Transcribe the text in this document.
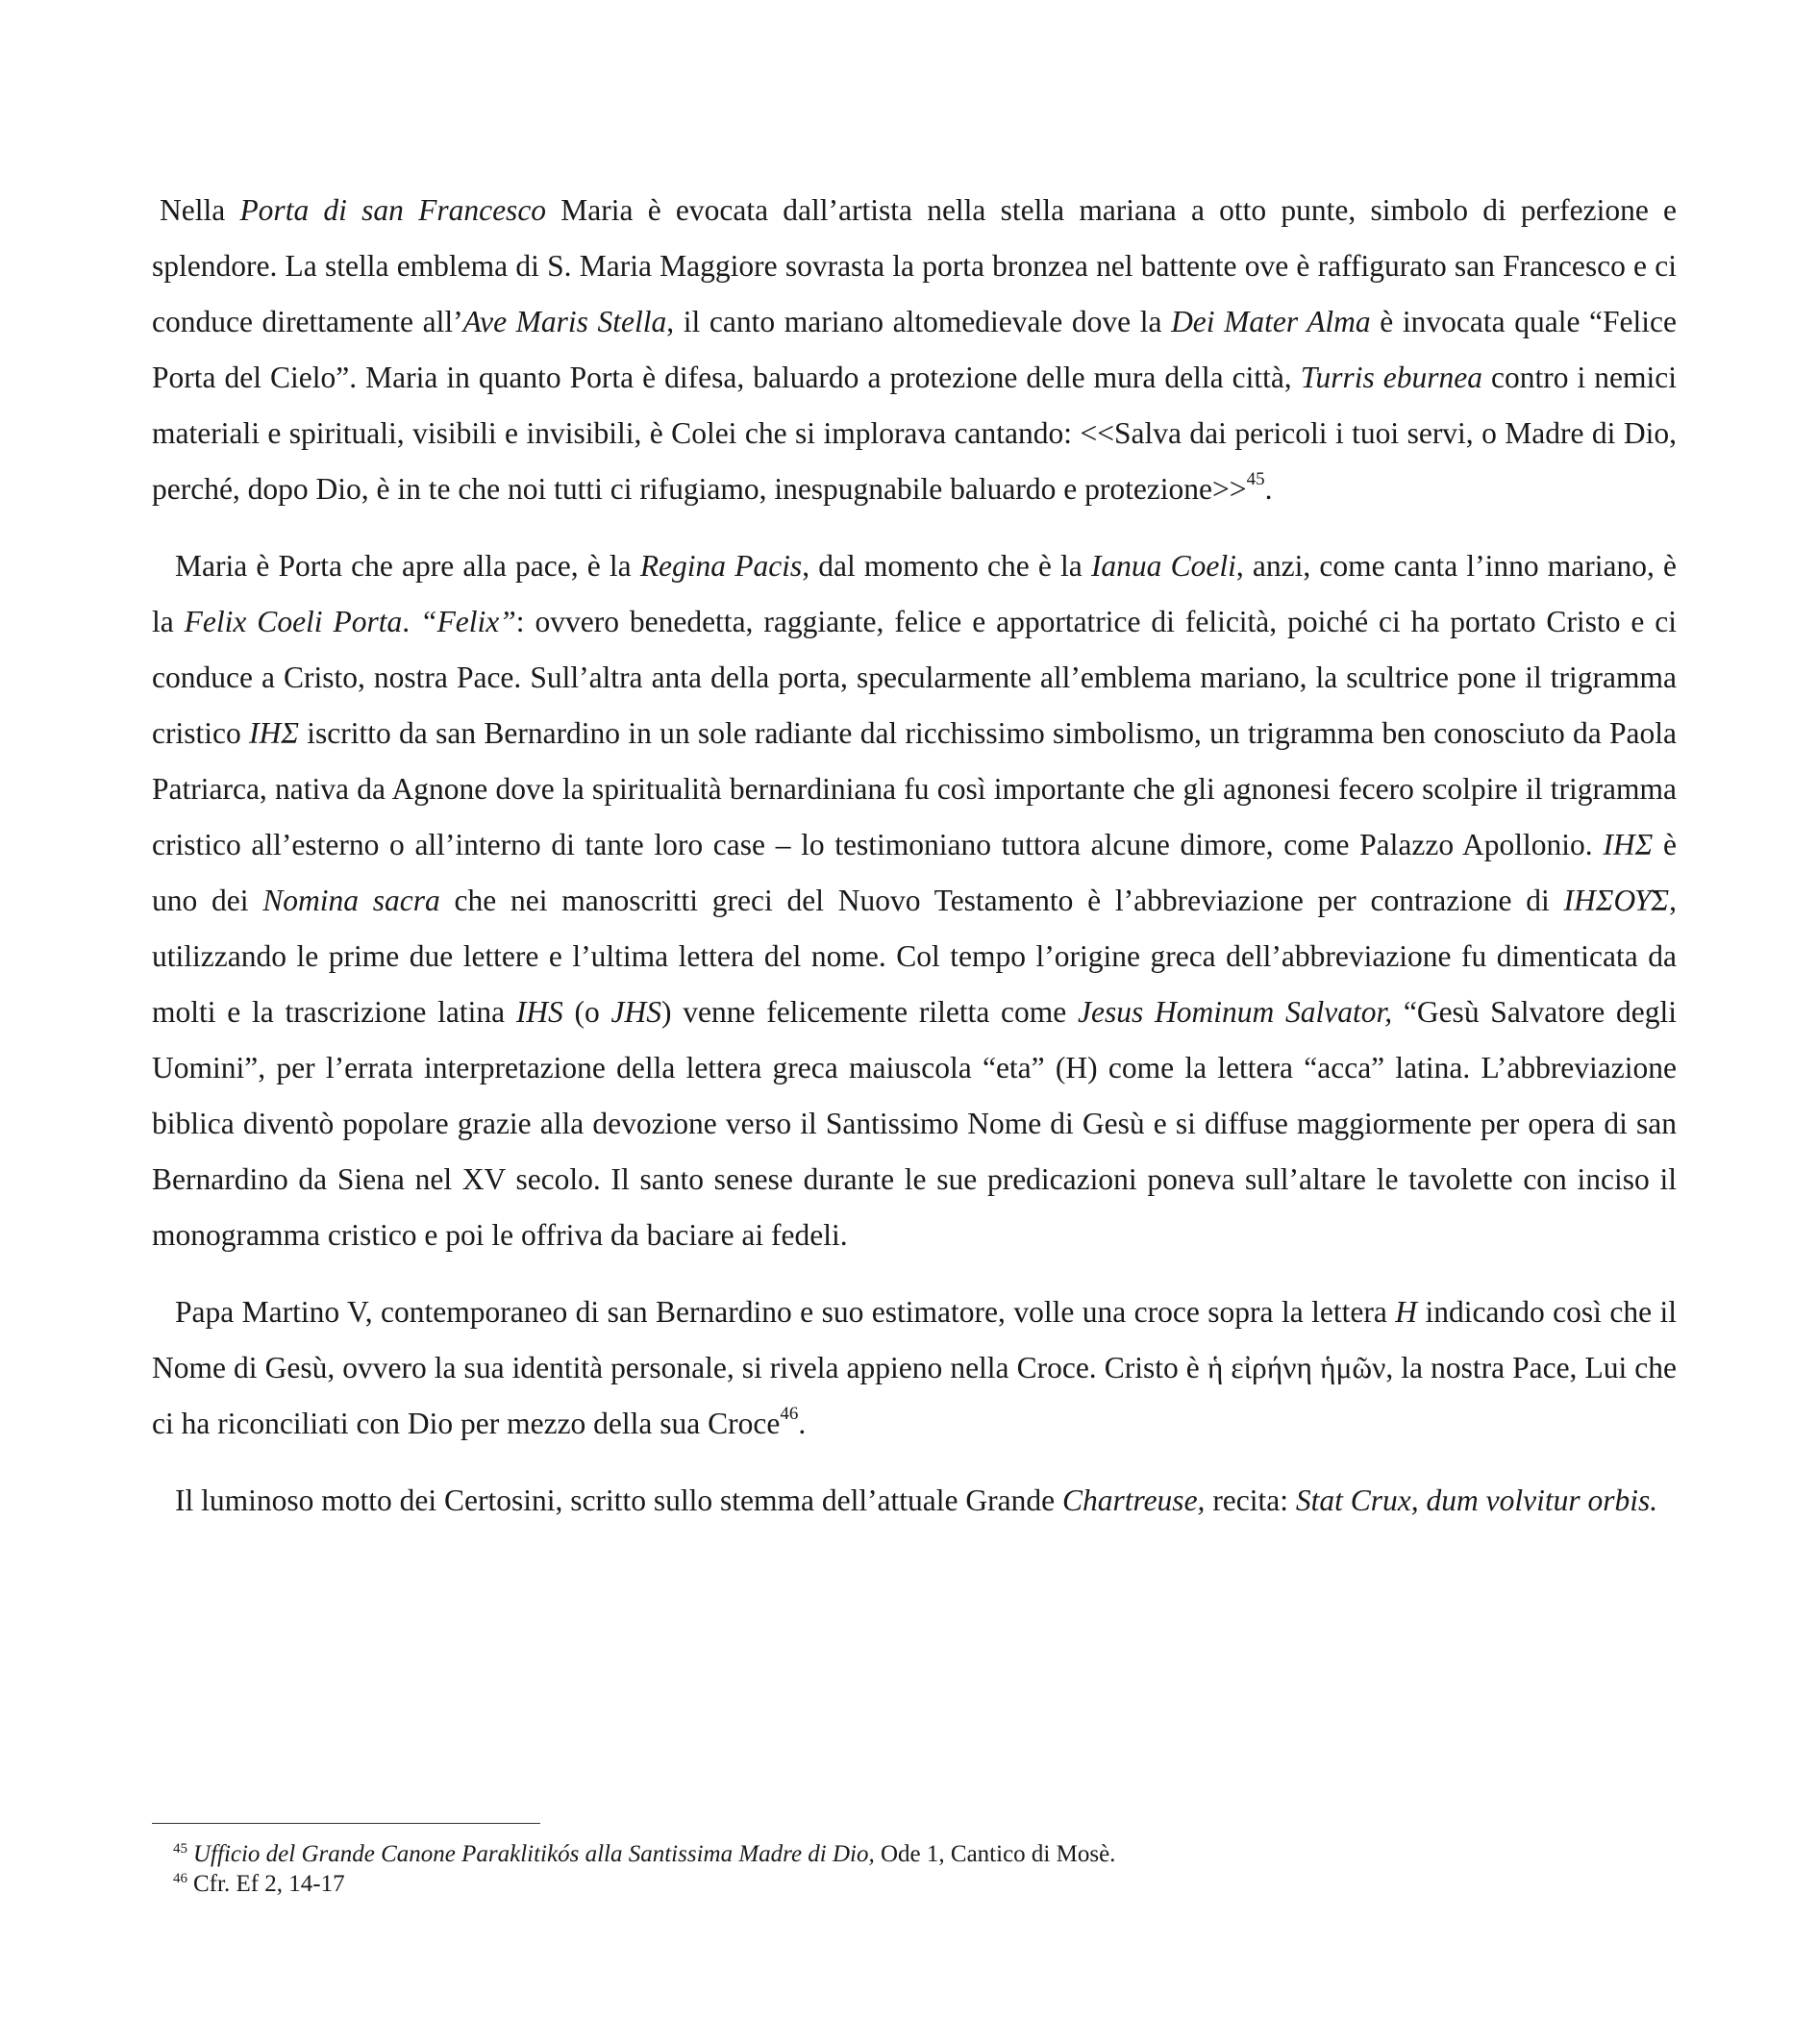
Nella Porta di san Francesco Maria è evocata dall’artista nella stella mariana a otto punte, simbolo di perfezione e splendore. La stella emblema di S. Maria Maggiore sovrasta la porta bronzea nel battente ove è raffigurato san Francesco e ci conduce direttamente all’Ave Maris Stella, il canto mariano altomedievale dove la Dei Mater Alma è invocata quale “Felice Porta del Cielo”. Maria in quanto Porta è difesa, baluardo a protezione delle mura della città, Turris eburnea contro i nemici materiali e spirituali, visibili e invisibili, è Colei che si implorava cantando: <<Salva dai pericoli i tuoi servi, o Madre di Dio, perché, dopo Dio, è in te che noi tutti ci rifugiamo, inespugnabile baluardo e protezione>>$^{45}$.

Maria è Porta che apre alla pace, è la Regina Pacis, dal momento che è la Ianua Coeli, anzi, come canta l’inno mariano, è la Felix Coeli Porta. “Felix”: ovvero benedetta, raggiante, felice e apportatrice di felicità, poiché ci ha portato Cristo e ci conduce a Cristo, nostra Pace. Sull’altra anta della porta, specularmente all’emblema mariano, la scultrice pone il trigramma cristico ΙΗΣ iscritto da san Bernardino in un sole radiante dal ricchissimo simbolismo, un trigramma ben conosciuto da Paola Patriarca, nativa da Agnone dove la spiritualità bernardiniana fu così importante che gli agnonesi fecero scolpire il trigramma cristico all’esterno o all’interno di tante loro case – lo testimoniano tuttora alcune dimore, come Palazzo Apollonio. ΙΗΣ è uno dei Nomina sacra che nei manoscritti greci del Nuovo Testamento è l’abbreviazione per contrazione di ΙΗΣΟΥ͂Σ, utilizzando le prime due lettere e l’ultima lettera del nome. Col tempo l’origine greca dell’abbreviazione fu dimenticata da molti e la trascrizione latina IHS (o JHS) venne felicemente riletta come Jesus Hominum Salvator, “Gesù Salvatore degli Uomini”, per l’errata interpretazione della lettera greca maiuscola “eta” (H) come la lettera “acca” latina. L’abbreviazione biblica diventò popolare grazie alla devozione verso il Santissimo Nome di Gesù e si diffuse maggiormente per opera di san Bernardino da Siena nel XV secolo. Il santo senese durante le sue predicazioni poneva sull’altare le tavolette con inciso il monogramma cristico e poi le offriva da baciare ai fedeli.

Papa Martino V, contemporaneo di san Bernardino e suo estimatore, volle una croce sopra la lettera H indicando così che il Nome di Gesù, ovvero la sua identità personale, si rivela appieno nella Croce. Cristo è ἡ εἰρήνη ἡμῶν, la nostra Pace, Lui che ci ha riconciliati con Dio per mezzo della sua Croce$^{46}$.

Il luminoso motto dei Certosini, scritto sullo stemma dell’attuale Grande Chartreuse, recita: Stat Crux, dum volvitur orbis.

$^{45}$ Ufficio del Grande Canone Paraklitikós alla Santissima Madre di Dio, Ode 1, Cantico di Mosè.

$^{46}$ Cfr. Ef 2, 14-17
